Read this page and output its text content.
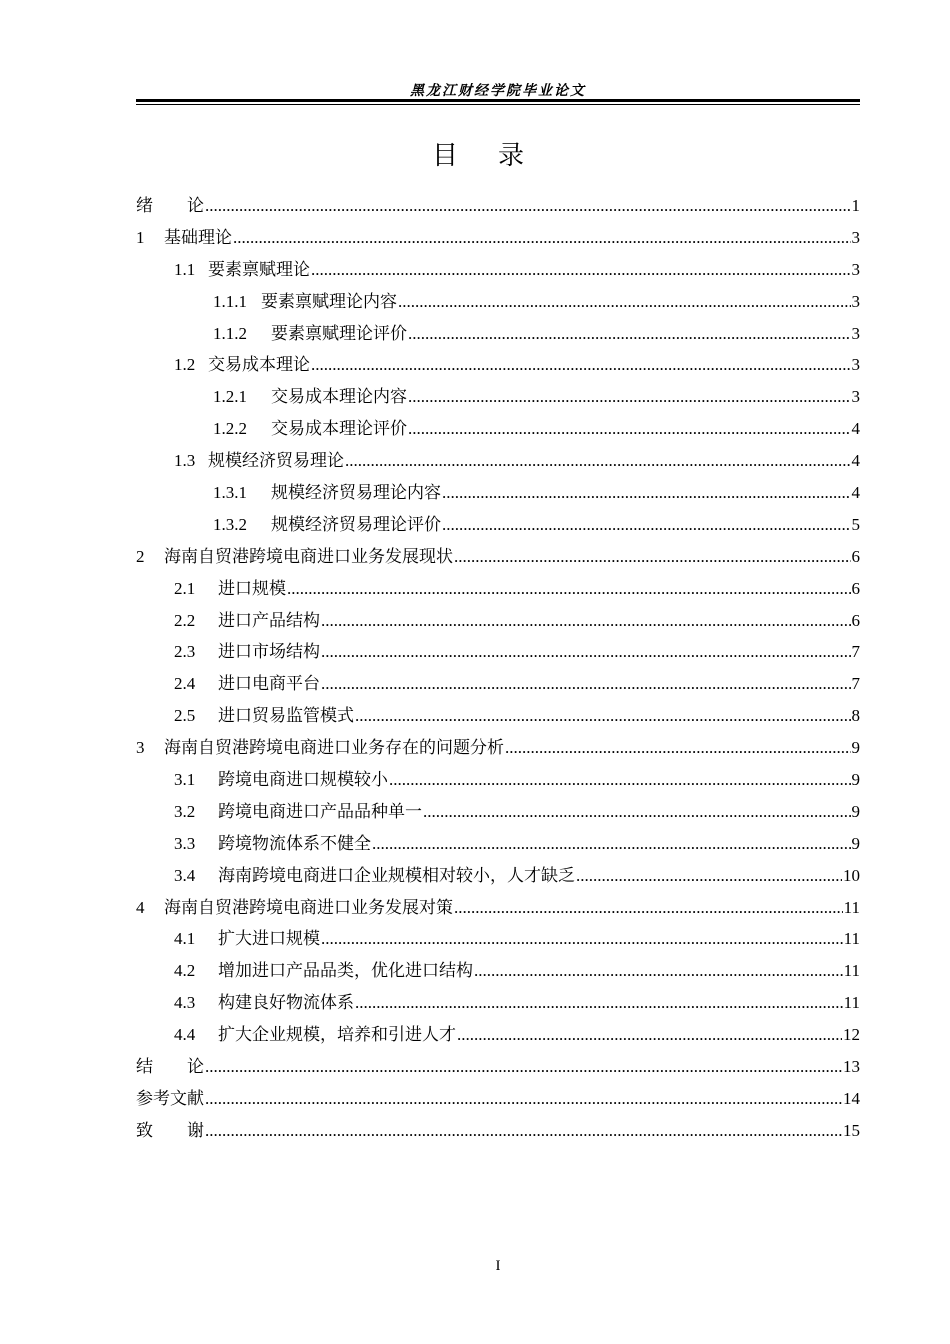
黑龙江财经学院毕业论文
目录
绪　　论 .....	1
1	基础理论 .....	3
1.1 要素禀赋理论 .....	3
1.1.1 要素禀赋理论内容 .....	3
1.1.2	要素禀赋理论评价 .....	3
1.2 交易成本理论 .....	3
1.2.1	交易成本理论内容 .....	3
1.2.2	交易成本理论评价 .....	4
1.3 规模经济贸易理论 .....	4
1.3.1	规模经济贸易理论内容 .....	4
1.3.2	规模经济贸易理论评价 .....	5
2	海南自贸港跨境电商进口业务发展现状 .....	6
2.1	进口规模 .....	6
2.2	进口产品结构 .....	6
2.3	进口市场结构 .....	7
2.4	进口电商平台 .....	7
2.5	进口贸易监管模式 .....	8
3	海南自贸港跨境电商进口业务存在的问题分析 .....	9
3.1	跨境电商进口规模较小 .....	9
3.2	跨境电商进口产品品种单一 .....	9
3.3	跨境物流体系不健全 .....	9
3.4	海南跨境电商进口企业规模相对较小，人才缺乏 .....	10
4	海南自贸港跨境电商进口业务发展对策 .....	11
4.1	扩大进口规模 .....	11
4.2	增加进口产品品类，优化进口结构 .....	11
4.3	构建良好物流体系 .....	11
4.4	扩大企业规模，培养和引进人才 .....	12
结　　论 .....	13
参考文献 .....	14
致　　谢 .....	15
I
